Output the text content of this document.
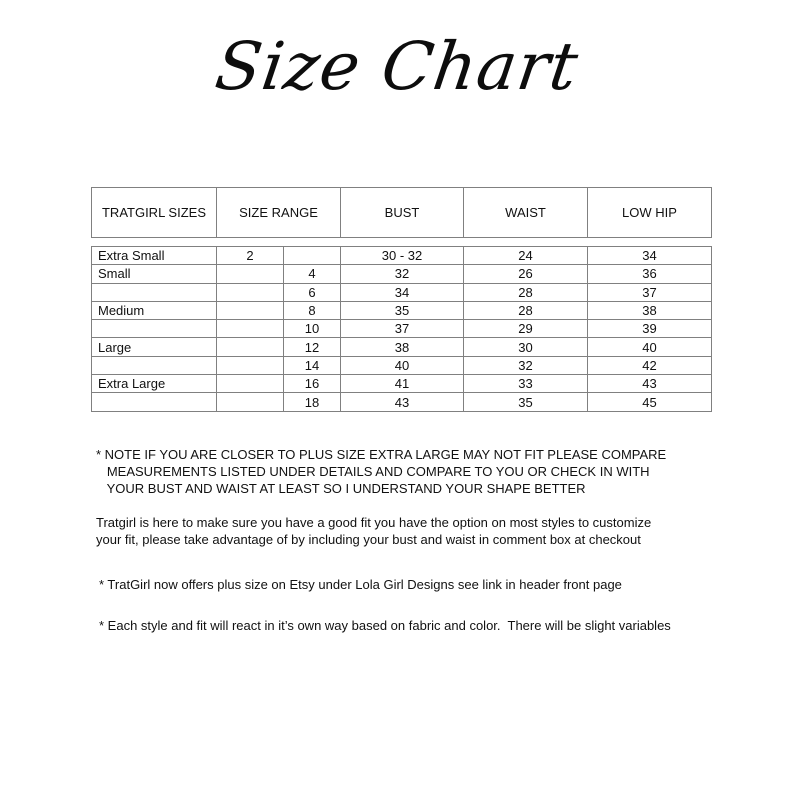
Size Chart
TRATGIRL SIZES	SIZE RANGE	BUST	WAIST	LOW HIP
Extra Small	2		30 - 32	24	34
Small		4	32	26	36
		6	34	28	37
Medium		8	35	28	38
		10	37	29	39
Large		12	38	30	40
		14	40	32	42
Extra Large		16	41	33	43
		18	43	35	45
* NOTE IF YOU ARE CLOSER TO PLUS SIZE EXTRA LARGE MAY NOT FIT PLEASE COMPARE
MEASUREMENTS LISTED UNDER DETAILS AND COMPARE TO YOU OR CHECK IN WITH
YOUR BUST AND WAIST AT LEAST SO I UNDERSTAND YOUR SHAPE BETTER
Tratgirl is here to make sure you have a good fit you have the option on most styles to customize
your fit, please take advantage of by including your bust and waist in comment box at checkout
* TratGirl now offers plus size on Etsy under Lola Girl Designs see link in header front page
* Each style and fit will react in it’s own way based on fabric and color.  There will be slight variables
